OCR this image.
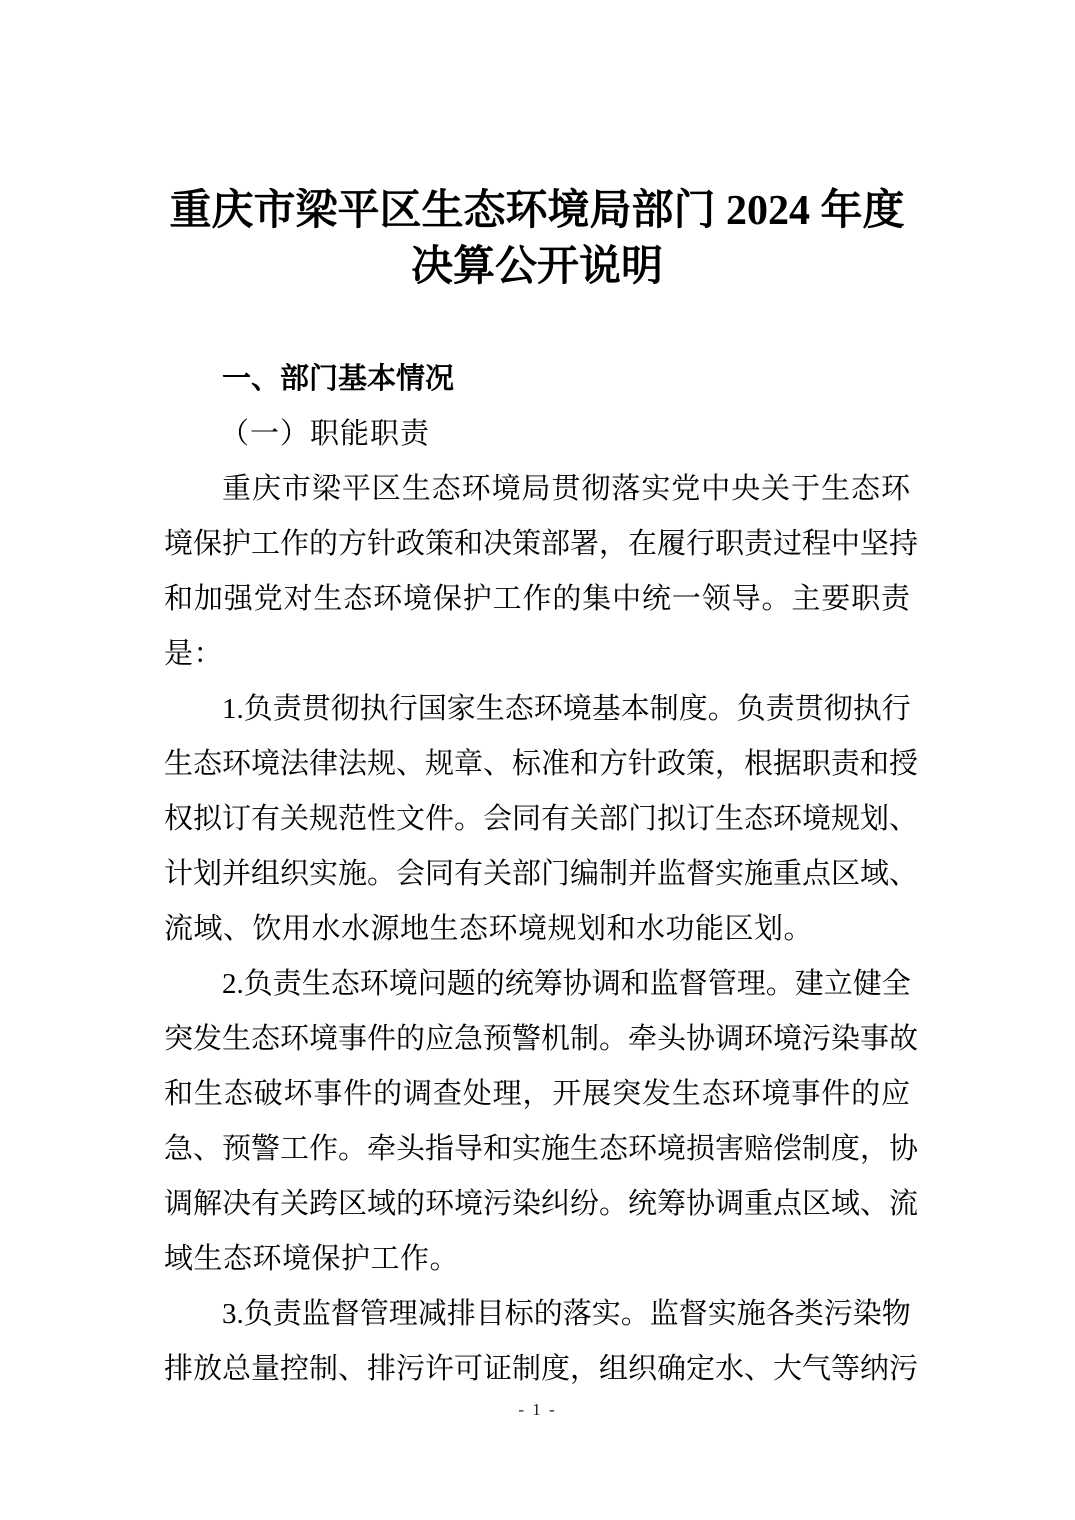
重庆市梁平区生态环境局部门 2024 年度
决算公开说明
一、部门基本情况
（一）职能职责
重庆市梁平区生态环境局贯彻落实党中央关于生态环
境保护工作的方针政策和决策部署，在履行职责过程中坚持
和加强党对生态环境保护工作的集中统一领导。主要职责
是：
1.负责贯彻执行国家生态环境基本制度。负责贯彻执行
生态环境法律法规、规章、标准和方针政策，根据职责和授
权拟订有关规范性文件。会同有关部门拟订生态环境规划、
计划并组织实施。会同有关部门编制并监督实施重点区域、
流域、饮用水水源地生态环境规划和水功能区划。
2.负责生态环境问题的统筹协调和监督管理。建立健全
突发生态环境事件的应急预警机制。牵头协调环境污染事故
和生态破坏事件的调查处理，开展突发生态环境事件的应
急、预警工作。牵头指导和实施生态环境损害赔偿制度，协
调解决有关跨区域的环境污染纠纷。统筹协调重点区域、流
域生态环境保护工作。
3.负责监督管理减排目标的落实。监督实施各类污染物
排放总量控制、排污许可证制度，组织确定水、大气等纳污
- 1 -
